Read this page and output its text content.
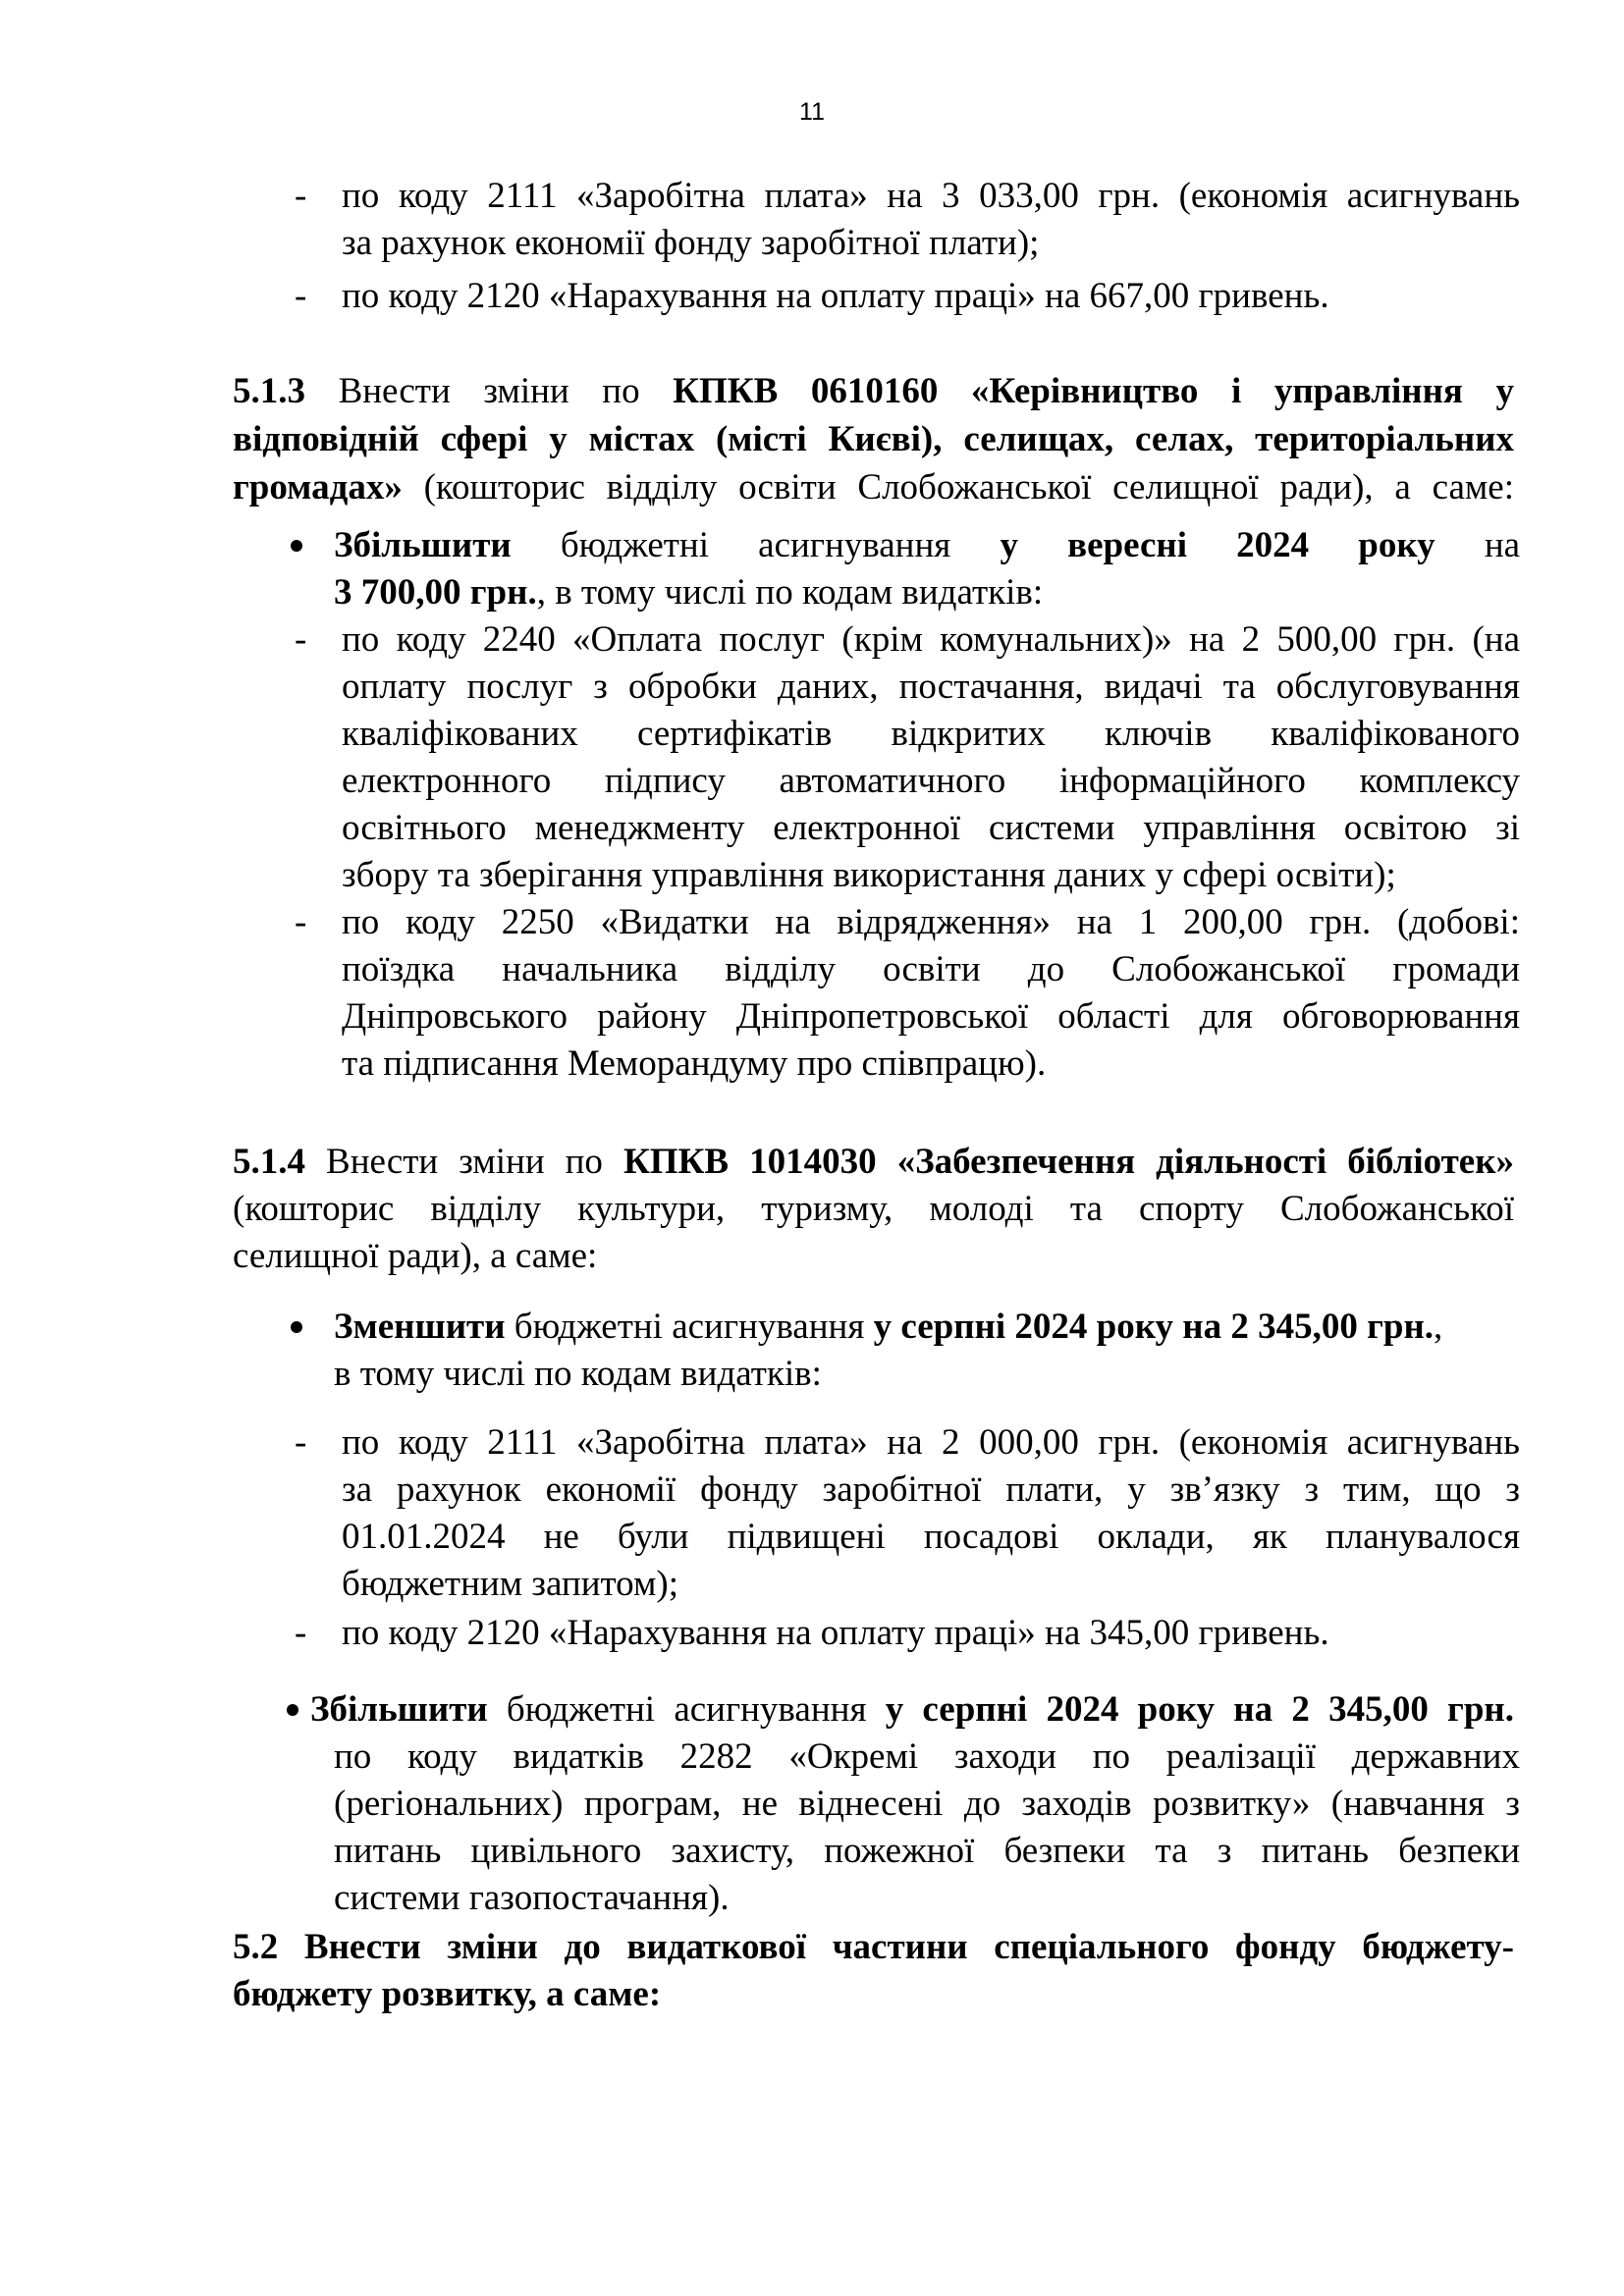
11

- по коду 2111 «Заробітна плата» на 3 033,00 грн. (економія асигнувань

за рахунок економії фонду заробітної плати);

- по коду 2120 «Нарахування на оплату праці» на 667,00 гривень.

5.1.3 Внести зміни по КПКВ 0610160 «Керівництво і управління у

відповідній сфері у містах (місті Києві), селищах, селах, територіальних

громадах» (кошторис відділу освіти Слобожанської селищної ради), а саме:

Збільшити бюджетні асигнування у вересні 2024 року на

3 700,00 грн., в тому числі по кодам видатків:

- по коду 2240 «Оплата послуг (крім комунальних)» на 2 500,00 грн. (на

оплату послуг з обробки даних, постачання, видачі та обслуговування

кваліфікованих сертифікатів відкритих ключів кваліфікованого

електронного підпису автоматичного інформаційного комплексу

освітнього менеджменту електронної системи управління освітою зі

збору та зберігання управління використання даних у сфері освіти);

- по коду 2250 «Видатки на відрядження» на 1 200,00 грн. (добові:

поїздка начальника відділу освіти до Слобожанської громади

Дніпровського району Дніпропетровської області для обговорювання

та підписання Меморандуму про співпрацю).

5.1.4 Внести зміни по КПКВ 1014030 «Забезпечення діяльності бібліотек»

(кошторис відділу культури, туризму, молоді та спорту Слобожанської

селищної ради), а саме:

Зменшити бюджетні асигнування у серпні 2024 року на 2 345,00 грн.,

в тому числі по кодам видатків:

- по коду 2111 «Заробітна плата» на 2 000,00 грн. (економія асигнувань

за рахунок економії фонду заробітної плати, у зв’язку з тим, що з

01.01.2024 не були підвищені посадові оклади, як планувалося

бюджетним запитом);

- по коду 2120 «Нарахування на оплату праці» на 345,00 гривень.

Збільшити бюджетні асигнування у серпні 2024 року на 2 345,00 грн.

по коду видатків 2282 «Окремі заходи по реалізації державних

(регіональних) програм, не віднесені до заходів розвитку» (навчання з

питань цивільного захисту, пожежної безпеки та з питань безпеки

системи газопостачання).

5.2 Внести зміни до видаткової частини спеціального фонду бюджету-

бюджету розвитку, а саме:
